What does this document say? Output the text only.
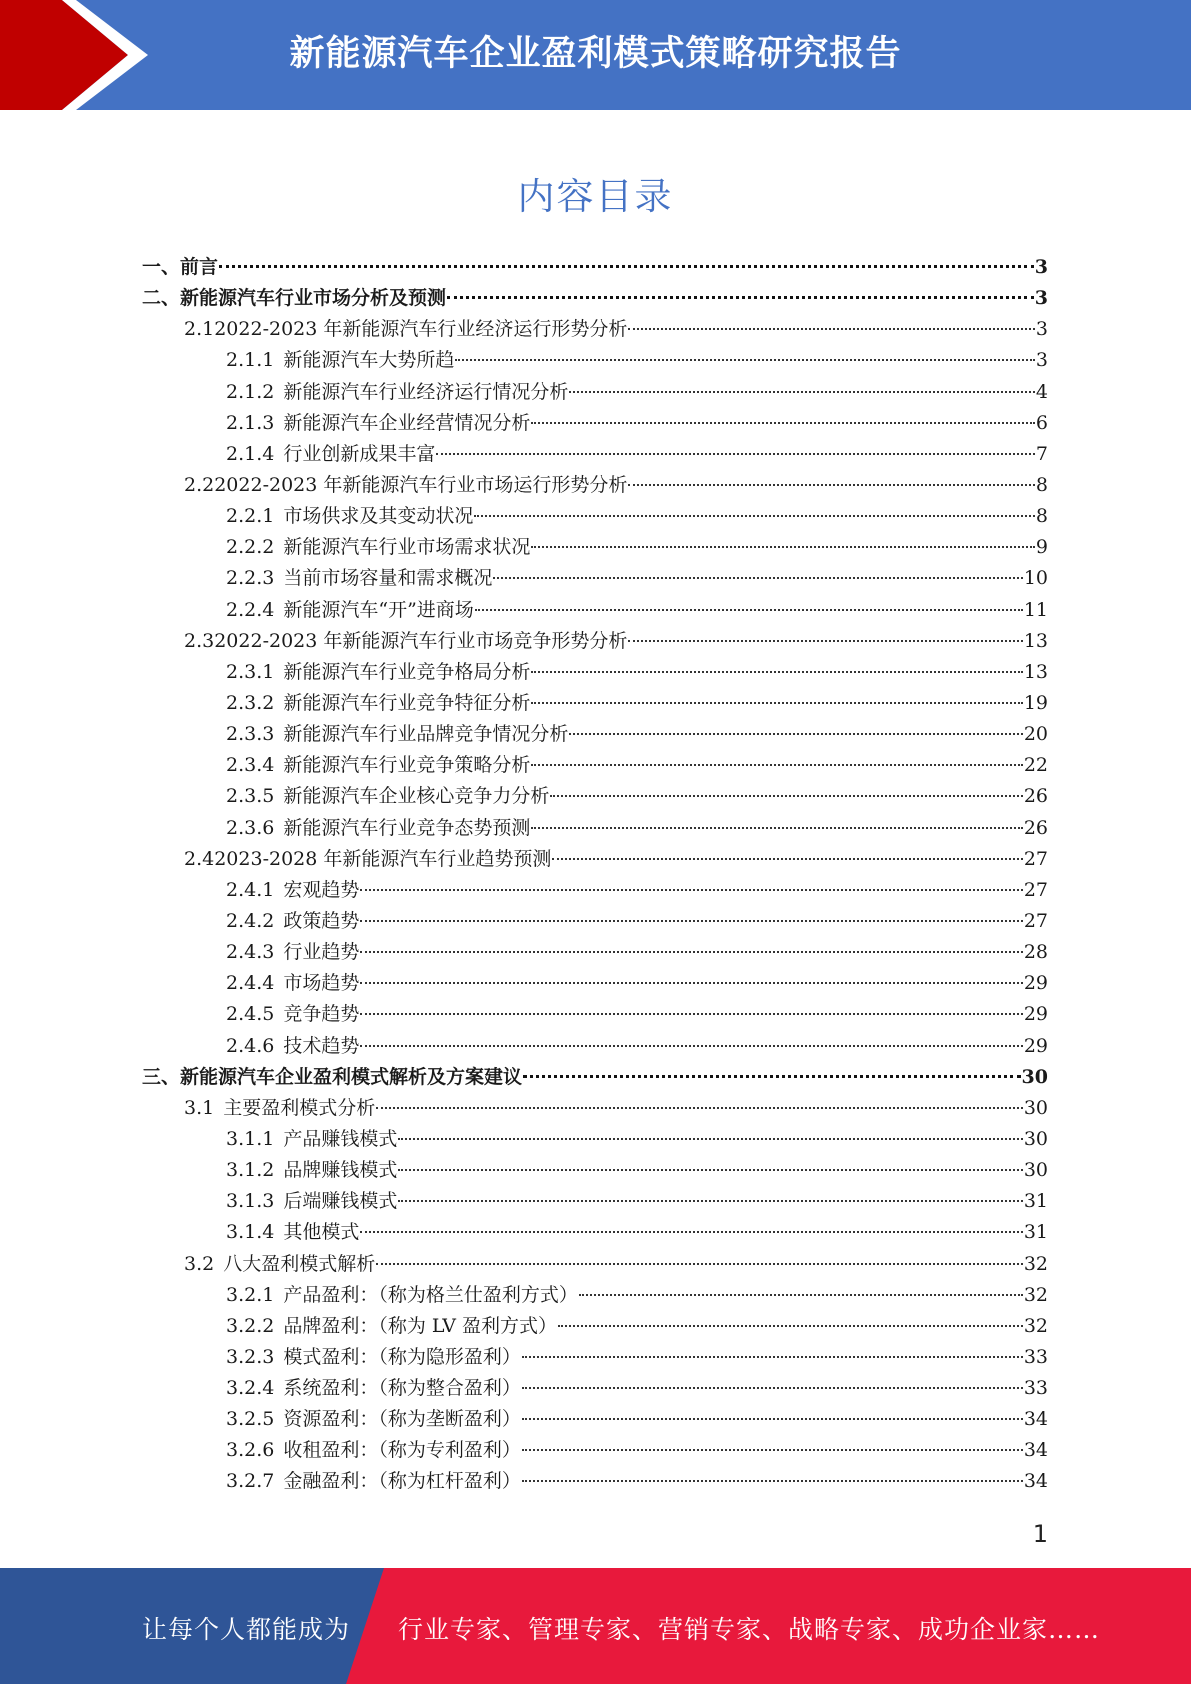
新能源汽车企业盈利模式策略研究报告
内容目录
一、 前言	3
二、 新能源汽车行业市场分析及预测	3
2.1 2022-2023 年新能源汽车行业经济运行形势分析	3
2.1.1 新能源汽车大势所趋	3
2.1.2 新能源汽车行业经济运行情况分析	4
2.1.3 新能源汽车企业经营情况分析	6
2.1.4 行业创新成果丰富	7
2.2 2022-2023 年新能源汽车行业市场运行形势分析	8
2.2.1 市场供求及其变动状况	8
2.2.2 新能源汽车行业市场需求状况	9
2.2.3 当前市场容量和需求概况	10
2.2.4 新能源汽车“开”进商场	11
2.3 2022-2023 年新能源汽车行业市场竞争形势分析	13
2.3.1 新能源汽车行业竞争格局分析	13
2.3.2 新能源汽车行业竞争特征分析	19
2.3.3 新能源汽车行业品牌竞争情况分析	20
2.3.4 新能源汽车行业竞争策略分析	22
2.3.5 新能源汽车企业核心竞争力分析	26
2.3.6 新能源汽车行业竞争态势预测	26
2.4 2023-2028 年新能源汽车行业趋势预测	27
2.4.1 宏观趋势	27
2.4.2 政策趋势	27
2.4.3 行业趋势	28
2.4.4 市场趋势	29
2.4.5 竞争趋势	29
2.4.6 技术趋势	29
三、 新能源汽车企业盈利模式解析及方案建议	30
3.1 主要盈利模式分析	30
3.1.1 产品赚钱模式	30
3.1.2 品牌赚钱模式	30
3.1.3 后端赚钱模式	31
3.1.4 其他模式	31
3.2 八大盈利模式解析	32
3.2.1 产品盈利：（称为格兰仕盈利方式）	32
3.2.2 品牌盈利：（称为 LV 盈利方式）	32
3.2.3 模式盈利：（称为隐形盈利）	33
3.2.4 系统盈利：（称为整合盈利）	33
3.2.5 资源盈利：（称为垄断盈利）	34
3.2.6 收租盈利：（称为专利盈利）	34
3.2.7 金融盈利：（称为杠杆盈利）	34
1
让每个人都能成为 行业专家、管理专家、营销专家、战略专家、成功企业家……
